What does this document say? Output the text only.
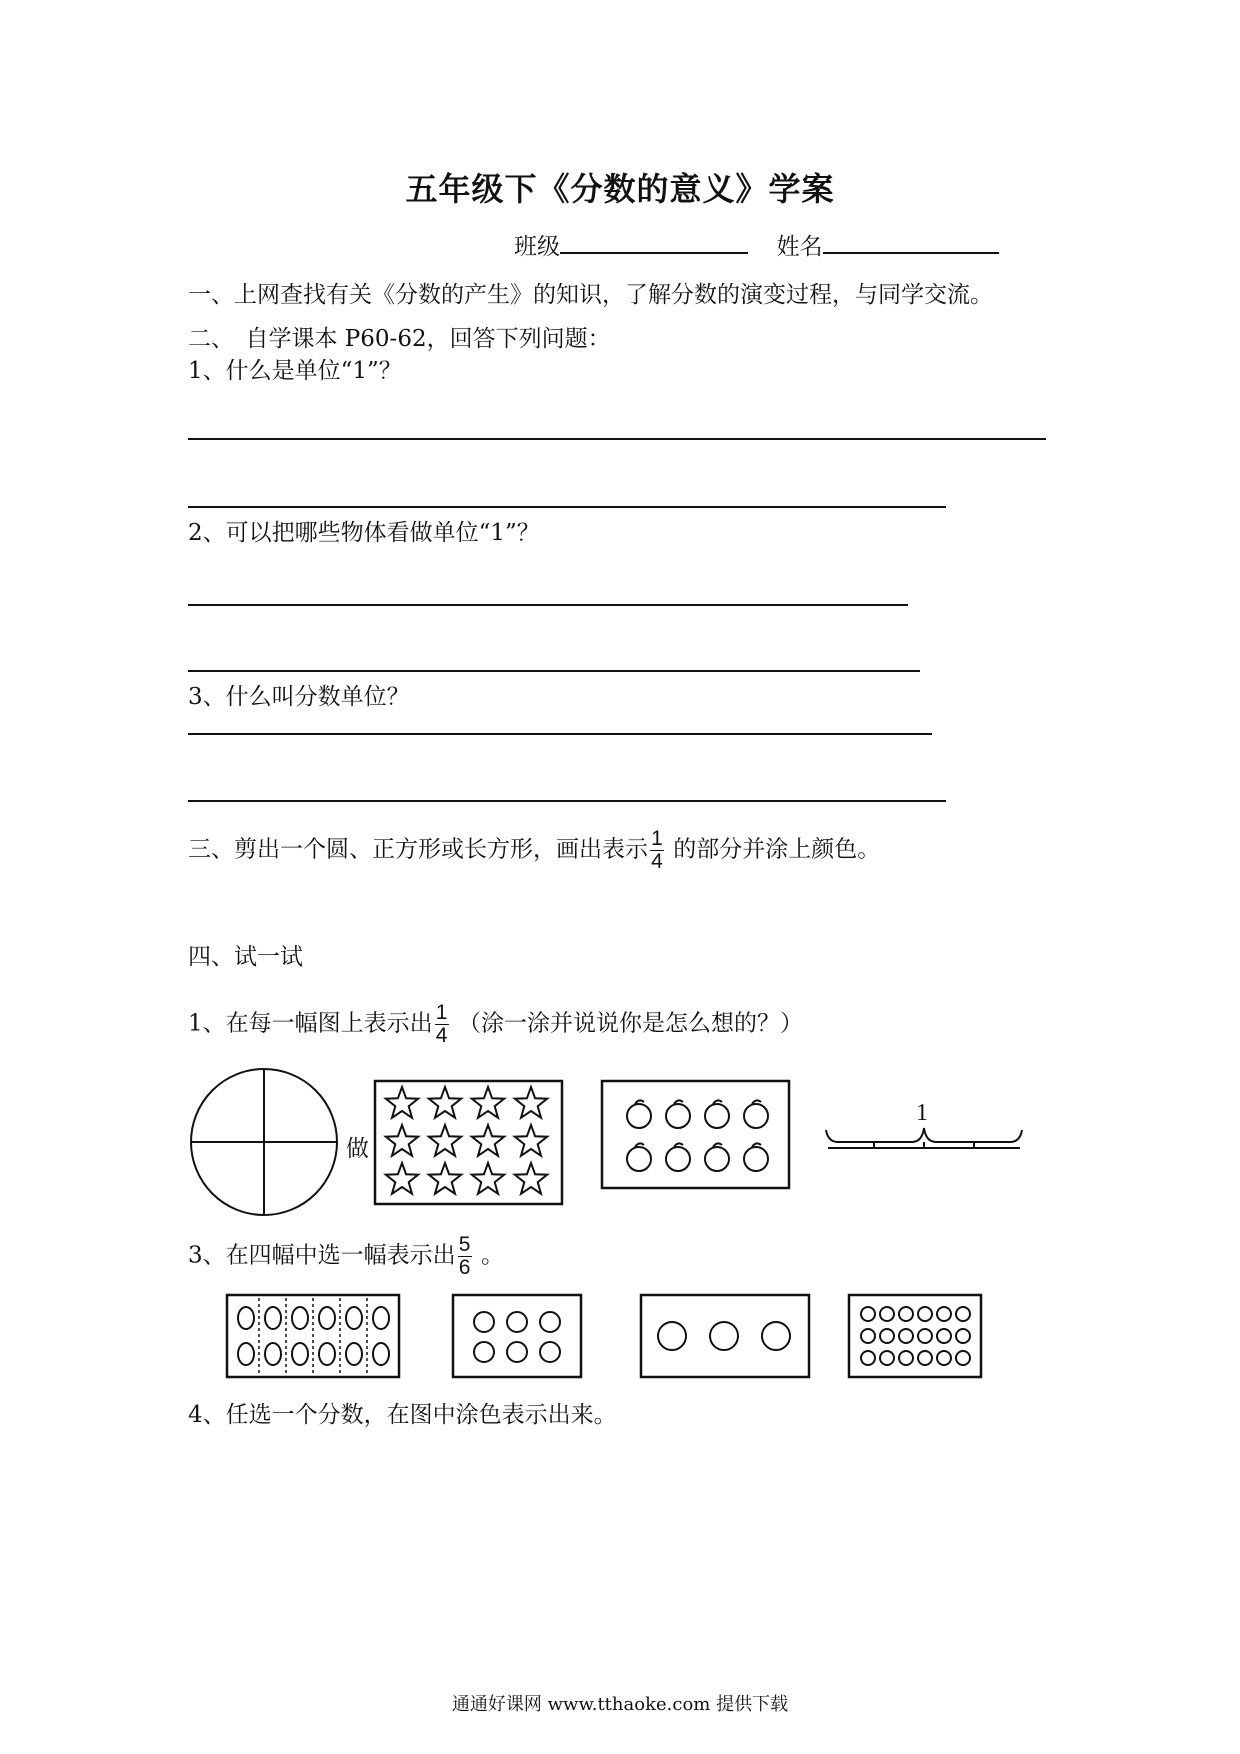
五年级下《分数的意义》学案
班级	姓名
一、上网查找有关《分数的产生》的知识，了解分数的演变过程，与同学交流。
二、　自学课本 P60-62，回答下列问题：
1、什么是单位“1”？
2、可以把哪些物体看做单位“1”？
3、什么叫分数单位？
三、剪出一个圆、正方形或长方形，画出表示 $\frac{1}{4}$ 的部分并涂上颜色。
四、试一试
1、在每一幅图上表示出 $\frac{1}{4}$ （涂一涂并说说你是怎么想的？）
做
1
3、在四幅中选一幅表示出 $\frac{5}{6}$ 。
4、任选一个分数，在图中涂色表示出来。
通通好课网 www.tthaoke.com 提供下载
